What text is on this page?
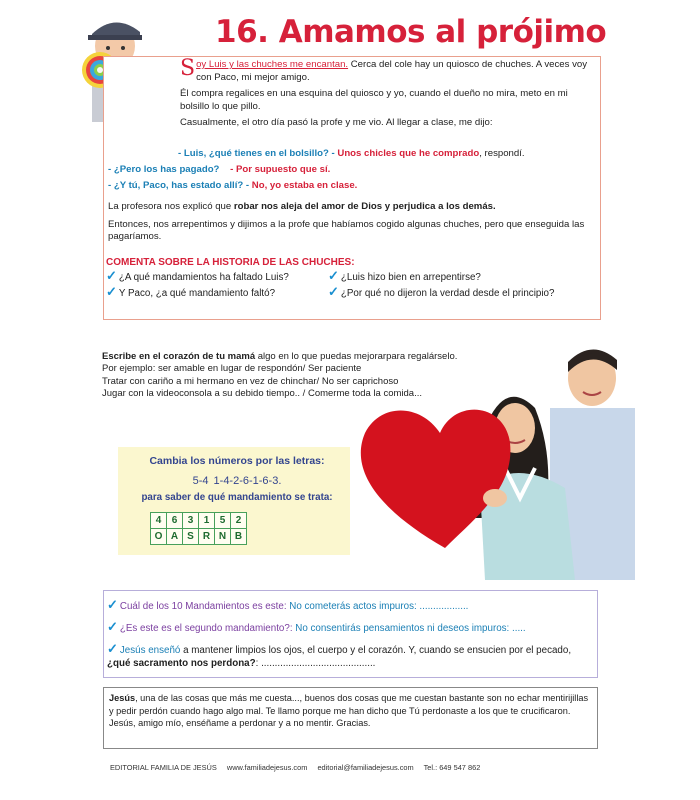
16. Amamos al prójimo

Soy Luis y las chuches me encantan. Cerca del cole hay un quiosco de chuches. A veces voy con Paco, mi mejor amigo.

Él compra regalices en una esquina del quiosco y yo, cuando el dueño no mira, meto en mi bolsillo lo que pillo.

Casualmente, el otro día pasó la profe y me vio. Al llegar a clase, me dijo:

- Luis, ¿qué tienes en el bolsillo? - Unos chicles que he comprado, respondí.
- ¿Pero los has pagado? - Por supuesto que sí.
- ¿Y tú, Paco, has estado allí? - No, yo estaba en clase.
La profesora nos explicó que robar nos aleja del amor de Dios y perjudica a los demás.
Entonces, nos arrepentimos y dijimos a la profe que habíamos cogido algunas chuches, pero que enseguida las pagaríamos.
COMENTA SOBRE LA HISTORIA DE LAS CHUCHES:
✓ ¿A qué mandamientos ha faltado Luis?	✓ ¿Luis hizo bien en arrepentirse?
✓ Y Paco, ¿a qué mandamiento faltó?	✓ ¿Por qué no dijeron la verdad desde el principio?
Escribe en el corazón de tu mamá algo en lo que puedas mejorarpara regalárselo.
Por ejemplo: ser amable en lugar de respondón/ Ser paciente
Tratar con cariño a mi hermano en vez de chinchar/ No ser caprichoso
Jugar con la videoconsola a su debido tiempo.. / Comerme toda la comida...
Cambia los números por las letras:
5-4 1-4-2-6-1-6-3.
para saber de qué mandamiento se trata:
4	6	3	1	5	2
O	A	S	R	N	B
✓ Cuál de los 10 Mandamientos es este: No cometerás actos impuros: ..................
✓ ¿Es este es el segundo mandamiento?: No consentirás pensamientos ni deseos impuros: .....
✓ Jesús enseñó a mantener limpios los ojos, el cuerpo y el corazón. Y, cuando se ensucien por el pecado, ¿qué sacramento nos perdona?: ..........................................
Jesús, una de las cosas que más me cuesta..., buenos dos cosas que me cuestan bastante son no echar mentirijillas y pedir perdón cuando hago algo mal. Te llamo porque me han dicho que Tú perdonaste a los que te crucificaron. Jesús, amigo mío, enséñame a perdonar y a no mentir. Gracias.
EDITORIAL FAMILIA DE JESÚS www.familiadejesus.com editorial@familiadejesus.com Tel.: 649 547 862
